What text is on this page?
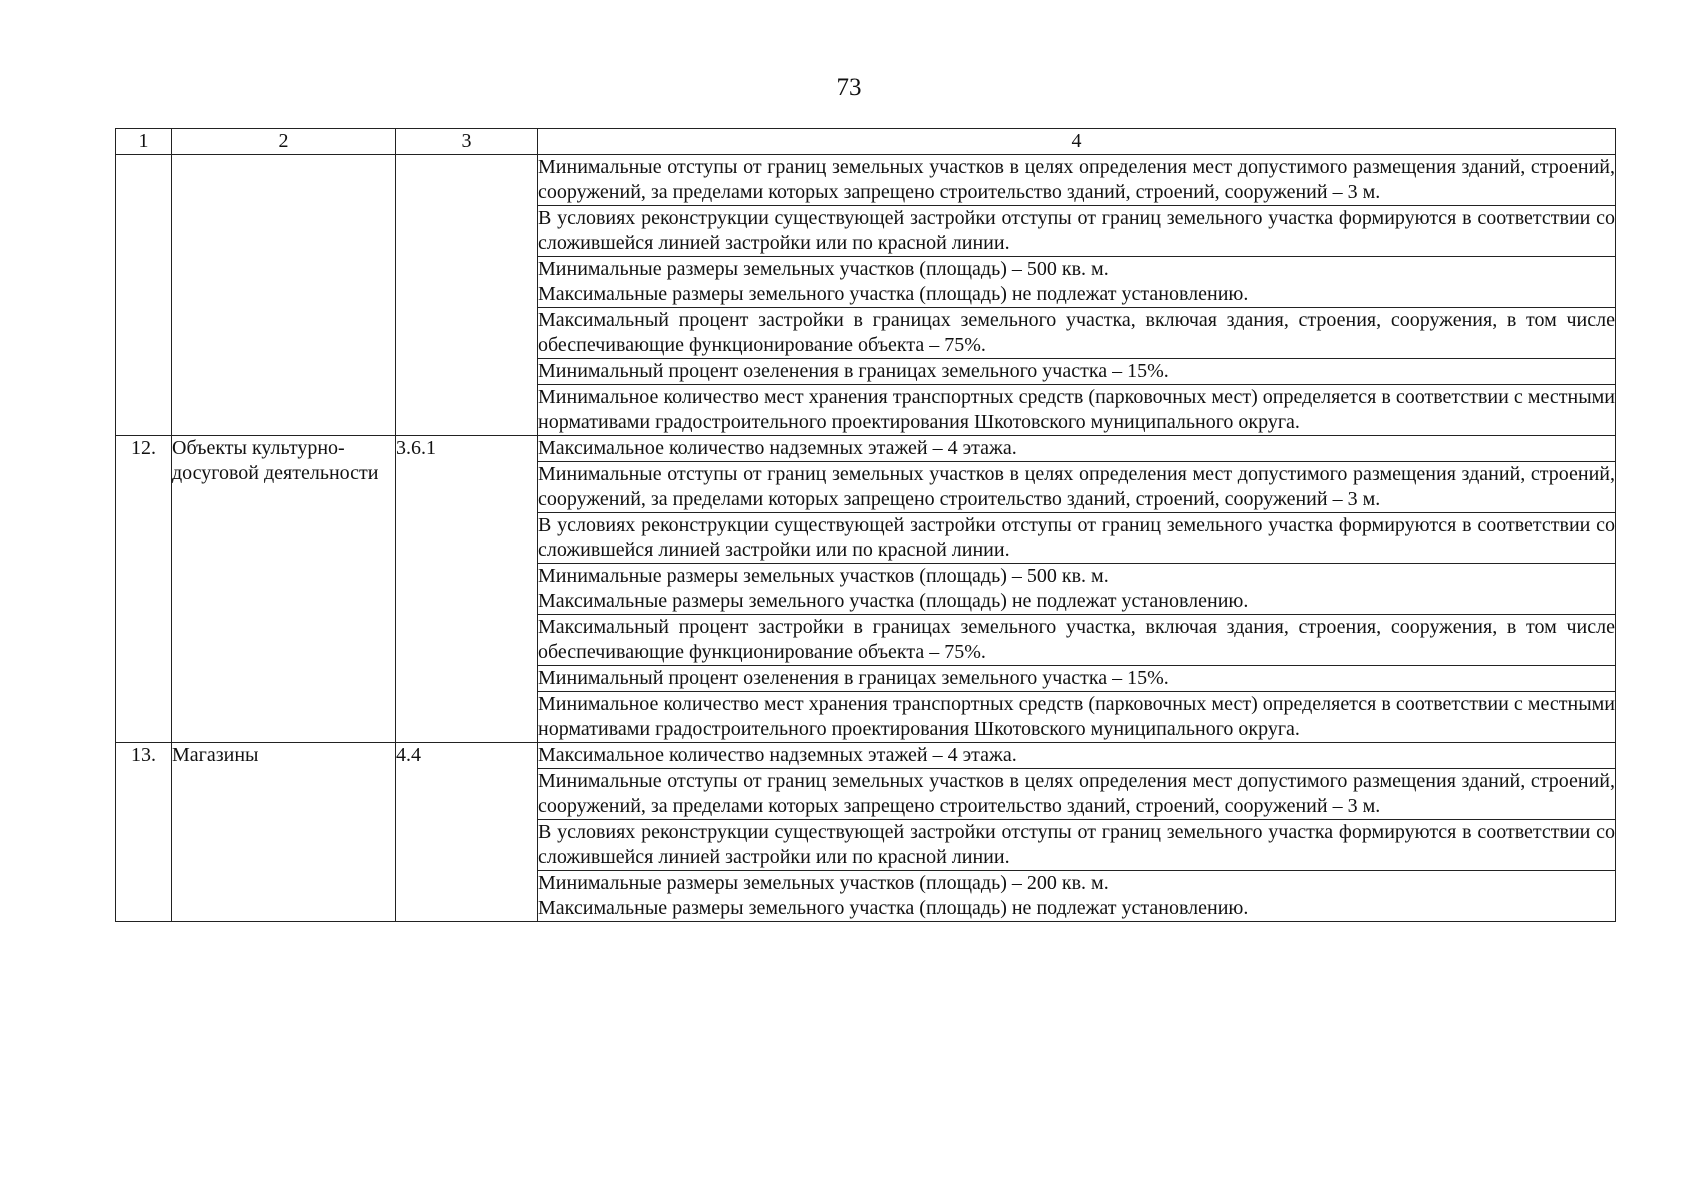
73
1	2	3	4
			Минимальные отступы от границ земельных участков в целях определения мест допустимого размещения зданий, строений, сооружений, за пределами которых запрещено строительство зданий, строений, сооружений – 3 м.
			В условиях реконструкции существующей застройки отступы от границ земельного участка формируются в соответствии со сложившейся линией застройки или по красной линии.
			Минимальные размеры земельных участков (площадь) – 500 кв. м.
Максимальные размеры земельного участка (площадь) не подлежат установлению.
			Максимальный процент застройки в границах земельного участка, включая здания, строения, сооружения, в том числе обеспечивающие функционирование объекта – 75%.
			Минимальный процент озеленения в границах земельного участка – 15%.
			Минимальное количество мест хранения транспортных средств (парковочных мест) определяется в соответствии с местными нормативами градостроительного проектирования Шкотовского муниципального округа.
12.	Объекты культурно-досуговой деятельности	3.6.1	Максимальное количество надземных этажей – 4 этажа.
			Минимальные отступы от границ земельных участков в целях определения мест допустимого размещения зданий, строений, сооружений, за пределами которых запрещено строительство зданий, строений, сооружений – 3 м.
			В условиях реконструкции существующей застройки отступы от границ земельного участка формируются в соответствии со сложившейся линией застройки или по красной линии.
			Минимальные размеры земельных участков (площадь) – 500 кв. м.
Максимальные размеры земельного участка (площадь) не подлежат установлению.
			Максимальный процент застройки в границах земельного участка, включая здания, строения, сооружения, в том числе обеспечивающие функционирование объекта – 75%.
			Минимальный процент озеленения в границах земельного участка – 15%.
			Минимальное количество мест хранения транспортных средств (парковочных мест) определяется в соответствии с местными нормативами градостроительного проектирования Шкотовского муниципального округа.
13.	Магазины	4.4	Максимальное количество надземных этажей – 4 этажа.
			Минимальные отступы от границ земельных участков в целях определения мест допустимого размещения зданий, строений, сооружений, за пределами которых запрещено строительство зданий, строений, сооружений – 3 м.
			В условиях реконструкции существующей застройки отступы от границ земельного участка формируются в соответствии со сложившейся линией застройки или по красной линии.
			Минимальные размеры земельных участков (площадь) – 200 кв. м.
Максимальные размеры земельного участка (площадь) не подлежат установлению.
